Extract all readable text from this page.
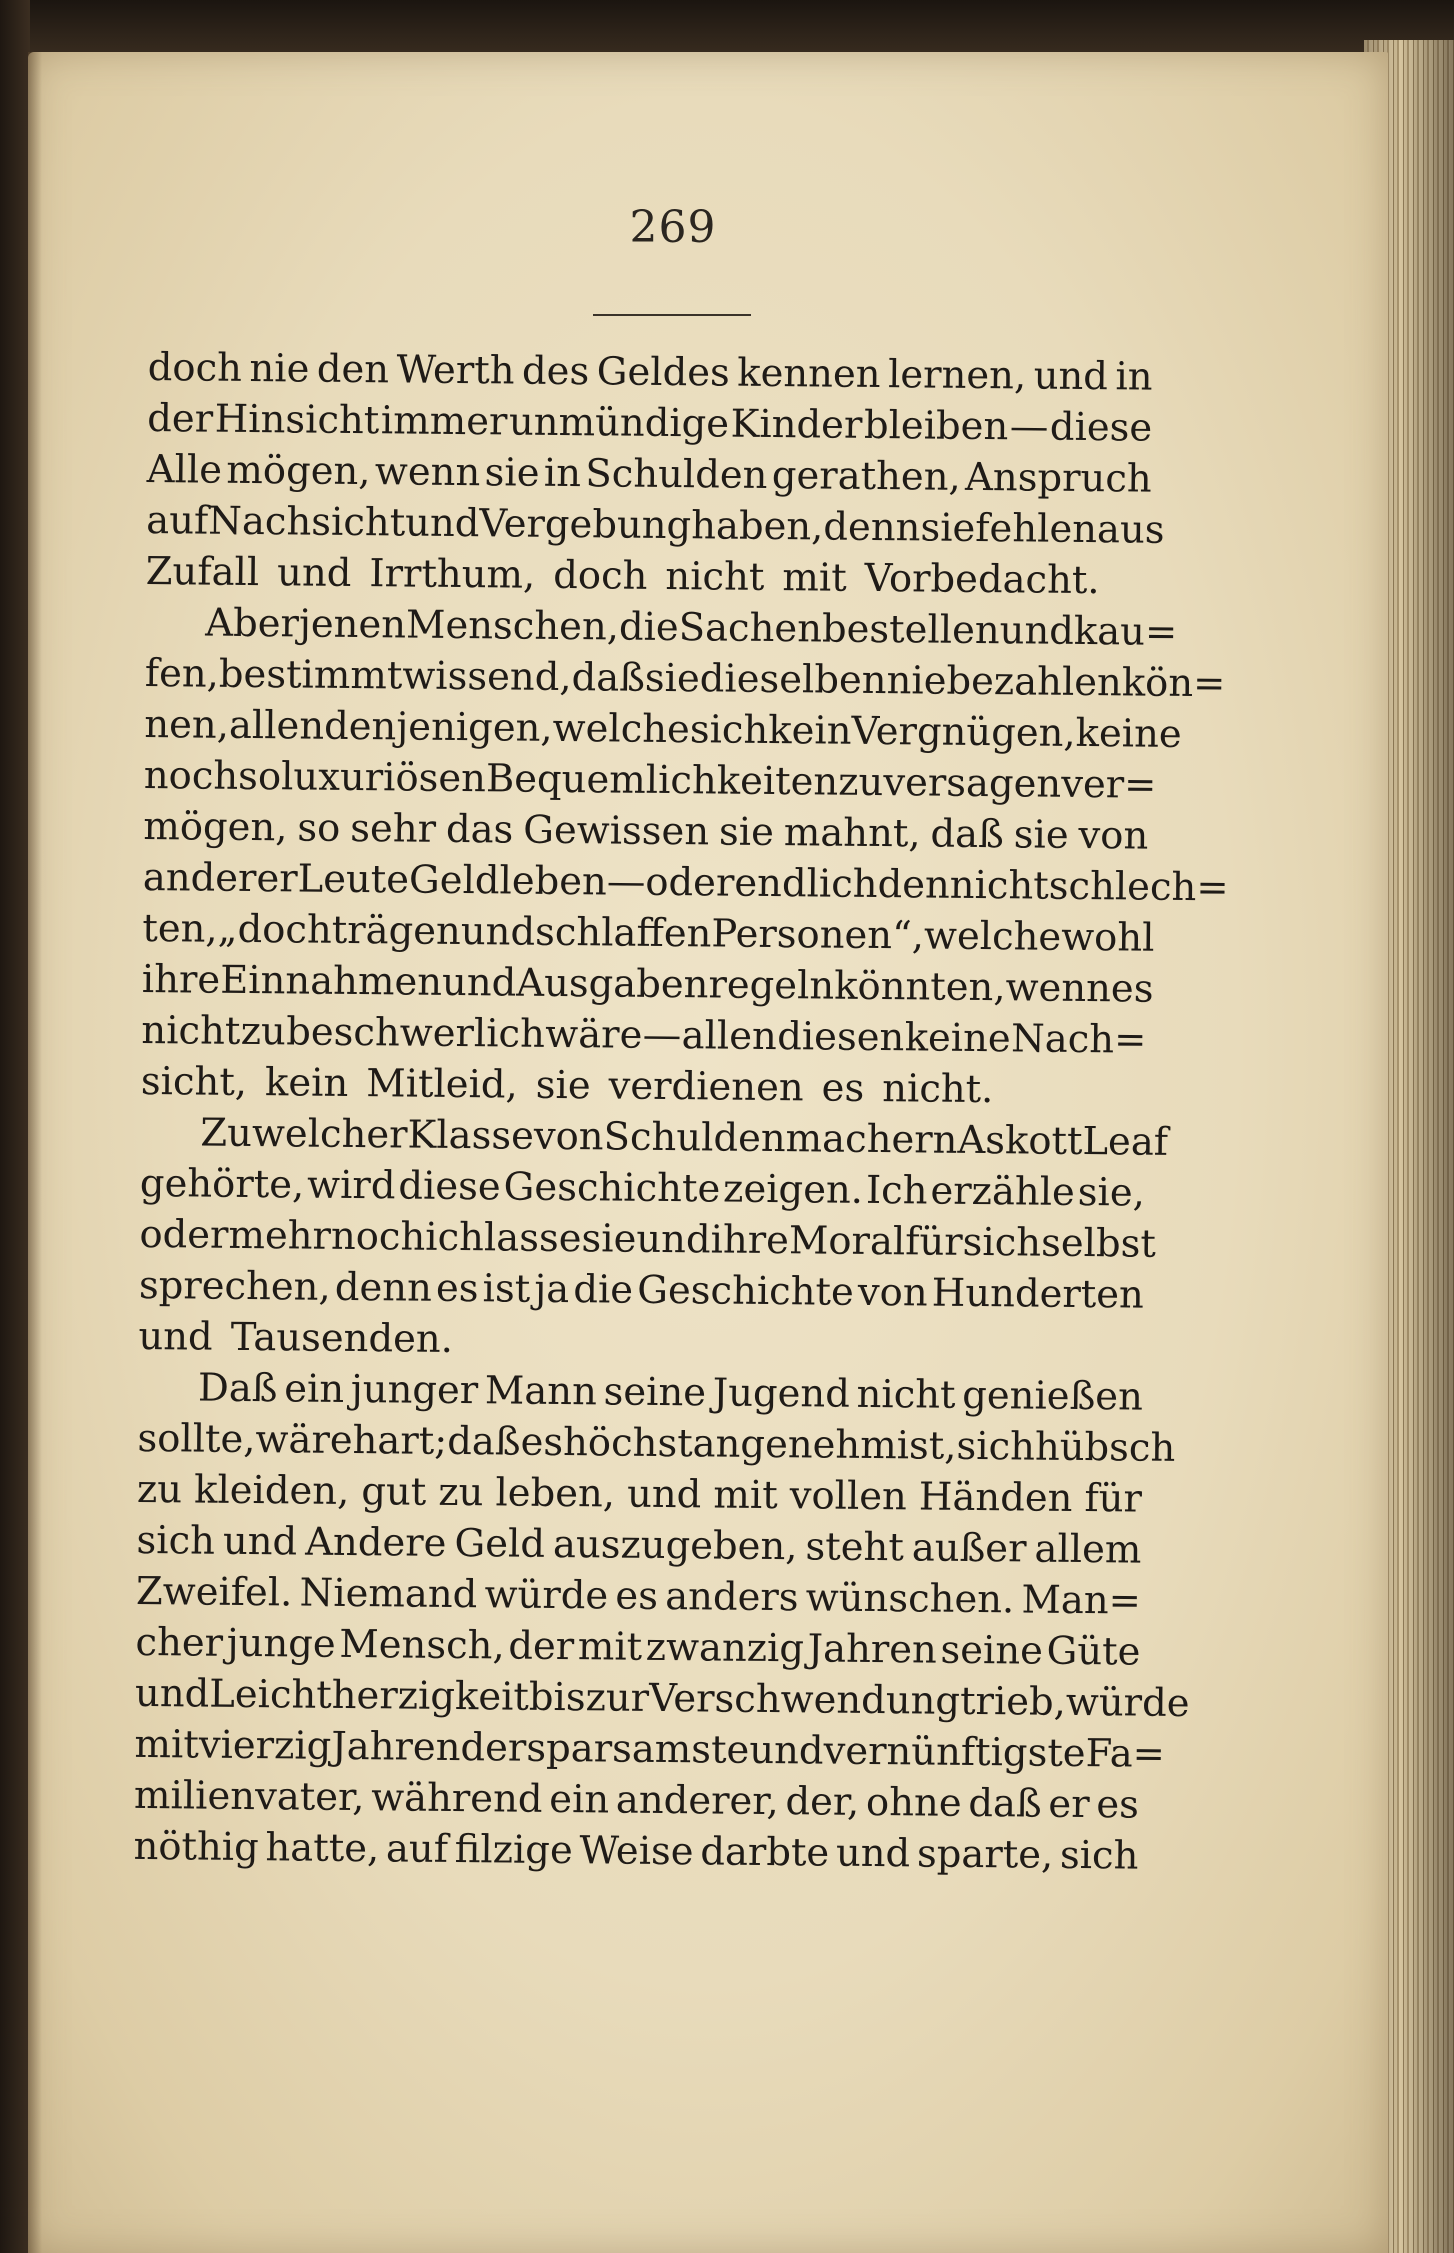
269
doch nie den Werth des Geldes kennen lernen, und in
der Hinsicht immer unmündige Kinder bleiben — diese
Alle mögen, wenn sie in Schulden gerathen, Anspruch
auf Nachsicht und Vergebung haben, denn sie fehlen aus
Zufall und Irrthum, doch nicht mit Vorbedacht.
Aber jenen Menschen, die Sachen bestellen und kau=
fen, bestimmt wissend, daß sie dieselben nie bezahlen kön=
nen, allen denjenigen, welche sich kein Vergnügen, keine
noch so luxuriösen Bequemlichkeiten zu versagen ver=
mögen, so sehr das Gewissen sie mahnt, daß sie von
anderer Leute Geld leben — oder endlich den nicht schlech=
ten, „doch trägen und schlaffen Personen“, welche wohl
ihre Einnahmen und Ausgaben regeln könnten, wenn es
nicht zu beschwerlich wäre — allen diesen keine Nach=
sicht, kein Mitleid, sie verdienen es nicht.
Zu welcher Klasse von Schuldenmachern Askott Leaf
gehörte, wird diese Geschichte zeigen. Ich erzähle sie,
oder mehr noch ich lasse sie und ihre Moral für sich selbst
sprechen, denn es ist ja die Geschichte von Hunderten
und Tausenden.
Daß ein junger Mann seine Jugend nicht genießen
sollte, wäre hart; daß es höchst angenehm ist, sich hübsch
zu kleiden, gut zu leben, und mit vollen Händen für
sich und Andere Geld auszugeben, steht außer allem
Zweifel. Niemand würde es anders wünschen. Man=
cher junge Mensch, der mit zwanzig Jahren seine Güte
und Leichtherzigkeit bis zur Verschwendung trieb, würde
mit vierzig Jahren der sparsamste und vernünftigste Fa=
milienvater, während ein anderer, der, ohne daß er es
nöthig hatte, auf filzige Weise darbte und sparte, sich
